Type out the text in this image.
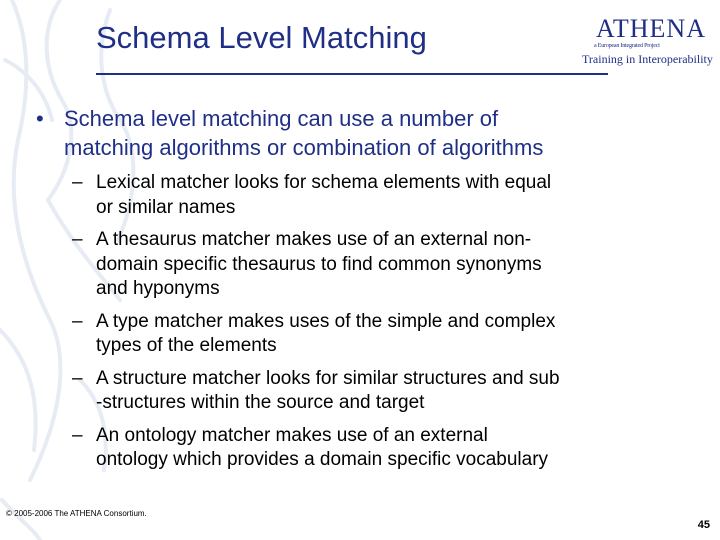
Schema Level Matching	ATHENA
a European Integrated Project
Training in Interoperability
• Schema level matching can use a number of
matching algorithms or combination of algorithms
– Lexical matcher looks for schema elements with equal
or similar names
– A thesaurus matcher makes use of an external non-
domain specific thesaurus to find common synonyms
and hyponyms
– A type matcher makes uses of the simple and complex
types of the elements
– A structure matcher looks for similar structures and sub
-structures within the source and target
– An ontology matcher makes use of an external
ontology which provides a domain specific vocabulary
© 2005-2006 The ATHENA Consortium.
45
